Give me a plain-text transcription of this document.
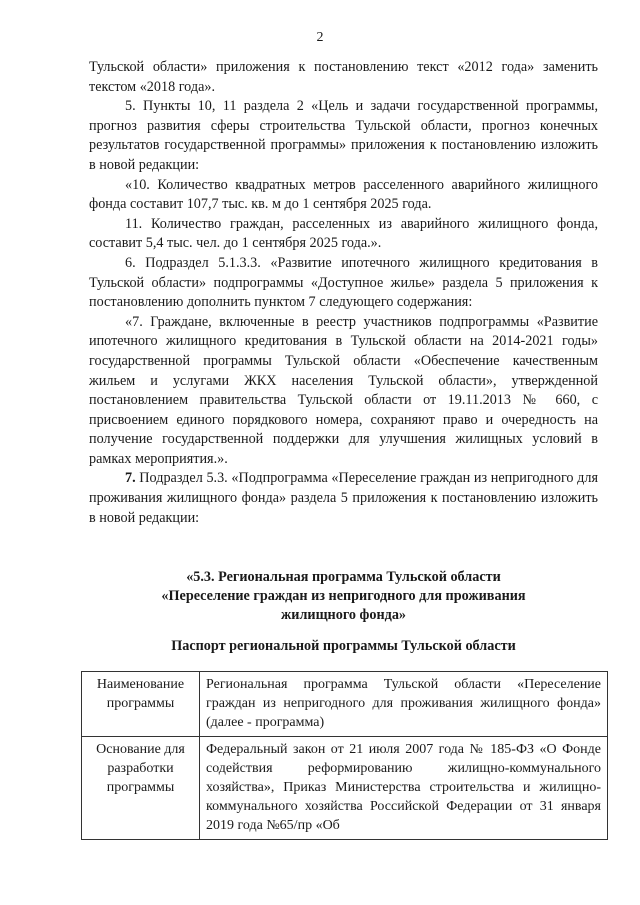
2

Тульской области» приложения к постановлению текст «2012 года» заменить текстом «2018 года».

5. Пункты 10, 11 раздела 2 «Цель и задачи государственной программы, прогноз развития сферы строительства Тульской области, прогноз конечных результатов государственной программы» приложения к постановлению изложить в новой редакции:

«10. Количество квадратных метров расселенного аварийного жилищного фонда составит 107,7 тыс. кв. м до 1 сентября 2025 года.

11. Количество граждан, расселенных из аварийного жилищного фонда, составит 5,4 тыс. чел. до 1 сентября 2025 года.».

6. Подраздел 5.1.3.3. «Развитие ипотечного жилищного кредитования в Тульской области» подпрограммы «Доступное жилье» раздела 5 приложения к постановлению дополнить пунктом 7 следующего содержания:

«7. Граждане, включенные в реестр участников подпрограммы «Развитие ипотечного жилищного кредитования в Тульской области на 2014-2021 годы» государственной программы Тульской области «Обеспечение качественным жильем и услугами ЖКХ населения Тульской области», утвержденной постановлением правительства Тульской области от 19.11.2013 № 660, с присвоением единого порядкового номера, сохраняют право и очередность на получение государственной поддержки для улучшения жилищных условий в рамках мероприятия.».

7. Подраздел 5.3. «Подпрограмма «Переселение граждан из непригодного для проживания жилищного фонда» раздела 5 приложения к постановлению изложить в новой редакции:

«5.3. Региональная программа Тульской области
«Переселение граждан из непригодного для проживания
жилищного фонда»
Паспорт региональной программы Тульской области
Наименование программы	Региональная программа Тульской области «Переселение граждан из непригодного для проживания жилищного фонда» (далее - программа)
Основание для разработки программы	Федеральный закон от 21 июля 2007 года № 185-ФЗ «О Фонде содействия реформированию жилищно-коммунального хозяйства», Приказ Министерства строительства и жилищно-коммунального хозяйства Российской Федерации от 31 января 2019 года №65/пр «Об
